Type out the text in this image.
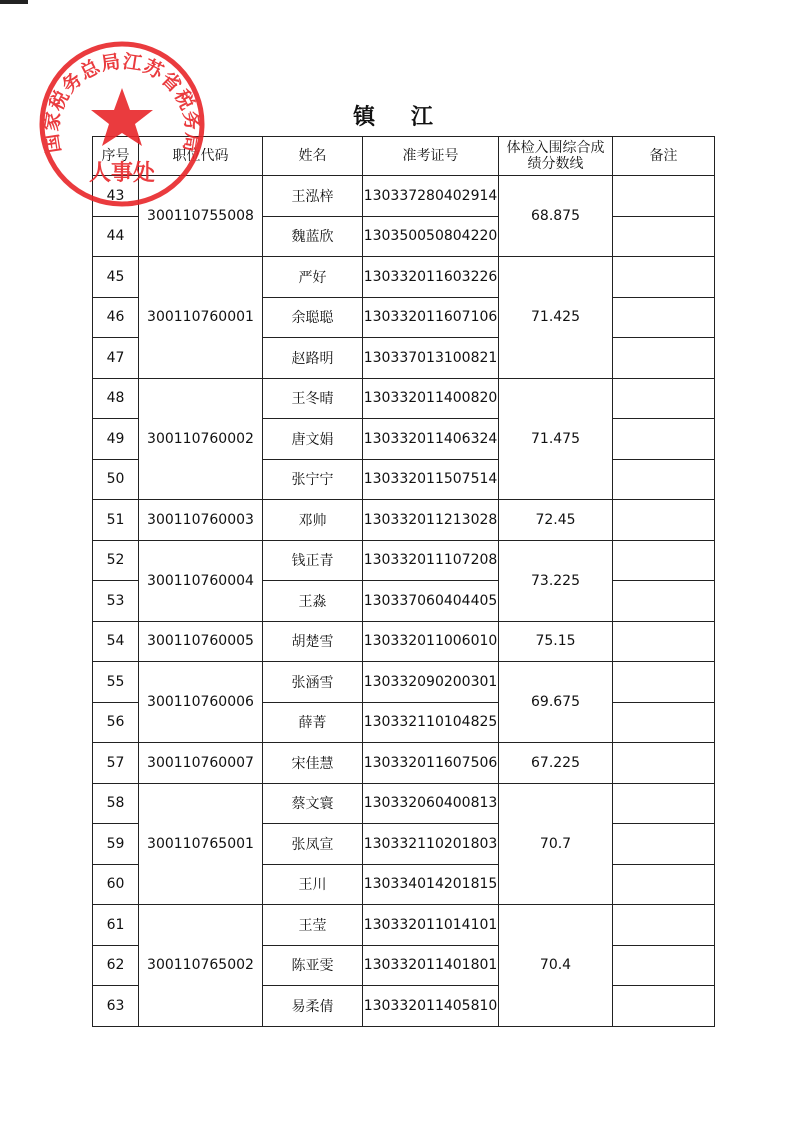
镇 江
序号	职位代码	姓名	准考证号	体检入围综合成绩分数线	备注
43	300110755008	王泓梓	130337280402914	68.875	
44		魏蓝欣	130350050804220		
45	300110760001	严好	130332011603226	71.425	
46		余聪聪	130332011607106		
47		赵路明	130337013100821		
48	300110760002	王冬晴	130332011400820	71.475	
49		唐文娟	130332011406324		
50		张宁宁	130332011507514		
51	300110760003	邓帅	130332011213028	72.45	
52	300110760004	钱正青	130332011107208	73.225	
53		王淼	130337060404405		
54	300110760005	胡楚雪	130332011006010	75.15	
55	300110760006	张涵雪	130332090200301	69.675	
56		薛菁	130332110104825		
57	300110760007	宋佳慧	130332011607506	67.225	
58	300110765001	蔡文寰	130332060400813	70.7	
59		张凤宣	130332110201803		
60		王川	130334014201815		
61	300110765002	王莹	130332011014101	70.4	
62		陈亚雯	130332011401801		
63		易柔倩	130332011405810		
国家税务总局江苏省税务局
人事处
